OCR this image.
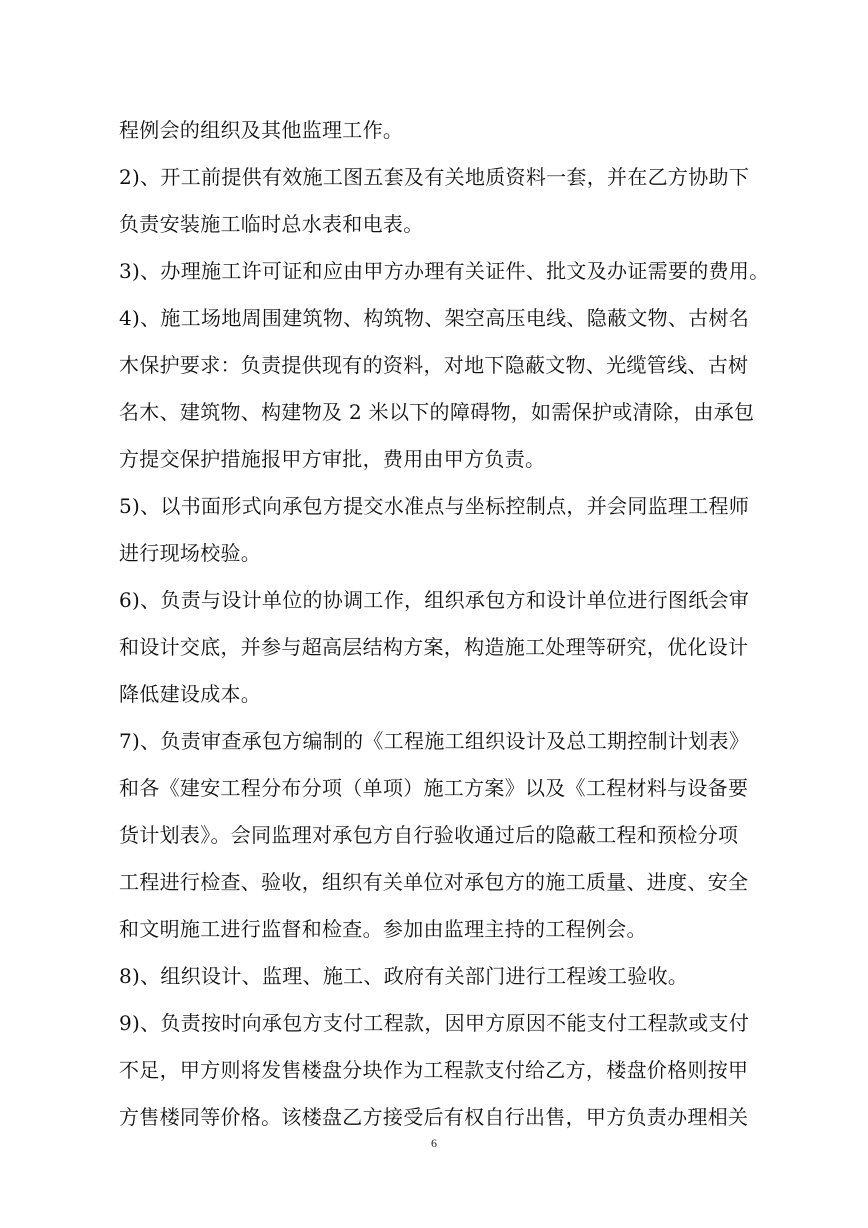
程例会的组织及其他监理工作。
2)、开工前提供有效施工图五套及有关地质资料一套，并在乙方协助下
负责安装施工临时总水表和电表。
3)、办理施工许可证和应由甲方办理有关证件、批文及办证需要的费用。
4)、施工场地周围建筑物、构筑物、架空高压电线、隐蔽文物、古树名
木保护要求：负责提供现有的资料，对地下隐蔽文物、光缆管线、古树
名木、建筑物、构建物及 2 米以下的障碍物，如需保护或清除，由承包
方提交保护措施报甲方审批，费用由甲方负责。
5)、以书面形式向承包方提交水准点与坐标控制点，并会同监理工程师
进行现场校验。
6)、负责与设计单位的协调工作，组织承包方和设计单位进行图纸会审
和设计交底，并参与超高层结构方案，构造施工处理等研究，优化设计
降低建设成本。
7)、负责审查承包方编制的《工程施工组织设计及总工期控制计划表》
和各《建安工程分布分项（单项）施工方案》以及《工程材料与设备要
货计划表》。会同监理对承包方自行验收通过后的隐蔽工程和预检分项
工程进行检查、验收，组织有关单位对承包方的施工质量、进度、安全
和文明施工进行监督和检查。参加由监理主持的工程例会。
8)、组织设计、监理、施工、政府有关部门进行工程竣工验收。
9)、负责按时向承包方支付工程款，因甲方原因不能支付工程款或支付
不足，甲方则将发售楼盘分块作为工程款支付给乙方，楼盘价格则按甲
方售楼同等价格。该楼盘乙方接受后有权自行出售，甲方负责办理相关
6
